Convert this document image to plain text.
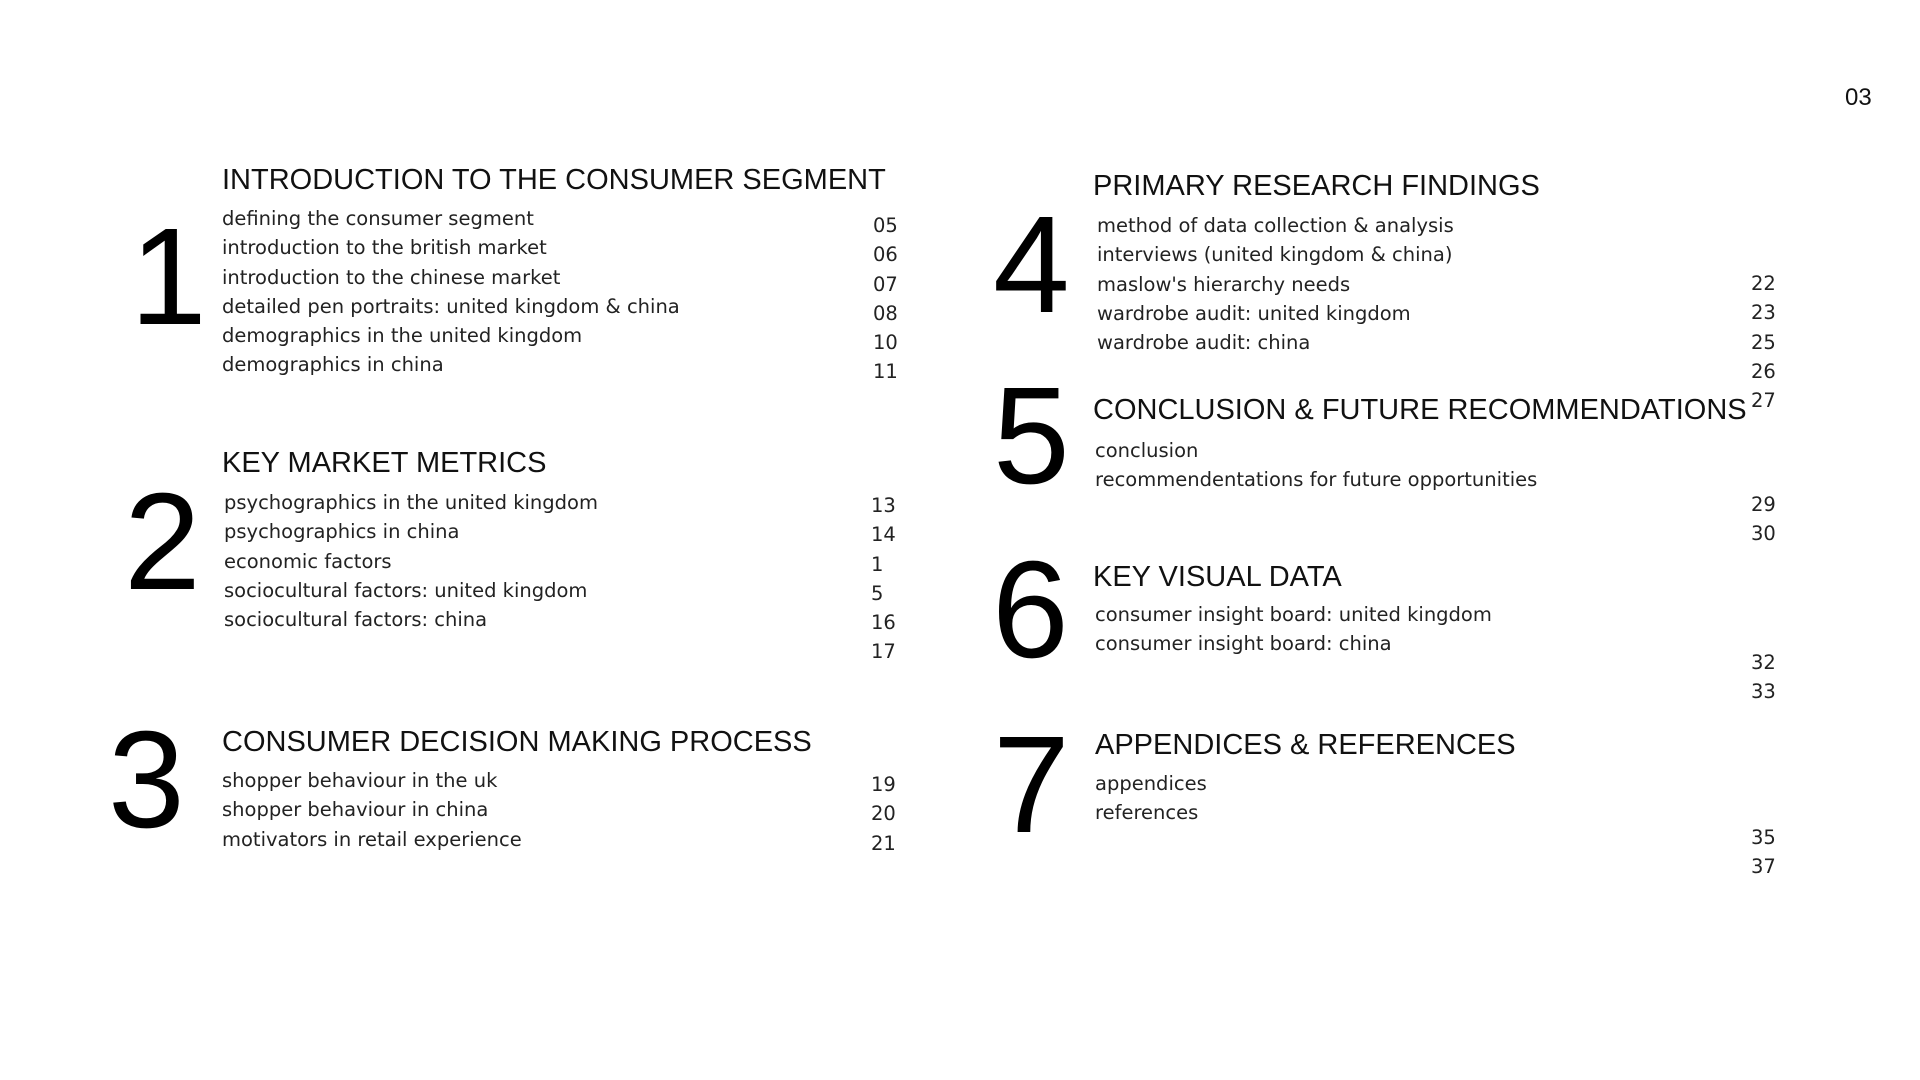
03
1
INTRODUCTION TO THE CONSUMER SEGMENT
defining the consumer segment
introduction to the british market
introduction to the chinese market
detailed pen portraits: united kingdom & china
demographics in the united kingdom
demographics in china
05
06
07
08
10
11
2
KEY MARKET METRICS
psychographics in the united kingdom
psychographics in china
economic factors
sociocultural factors: united kingdom
sociocultural factors: china
13
14
1
5
16
17
3 CONSUMER DECISION MAKING PROCESS
shopper behaviour in the uk
shopper behaviour in china
motivators in retail experience
19
20
21
4
PRIMARY RESEARCH FINDINGS
method of data collection & analysis
interviews (united kingdom & china)
maslow's hierarchy needs
wardrobe audit: united kingdom
wardrobe audit: china
22
23
25
26
27
5 CONCLUSION & FUTURE RECOMMENDATIONS
conclusion
recommendentations for future opportunities
29
30
6 KEY VISUAL DATA
consumer insight board: united kingdom
consumer insight board: china
32
33
7 APPENDICES & REFERENCES
appendices
references
35
37
